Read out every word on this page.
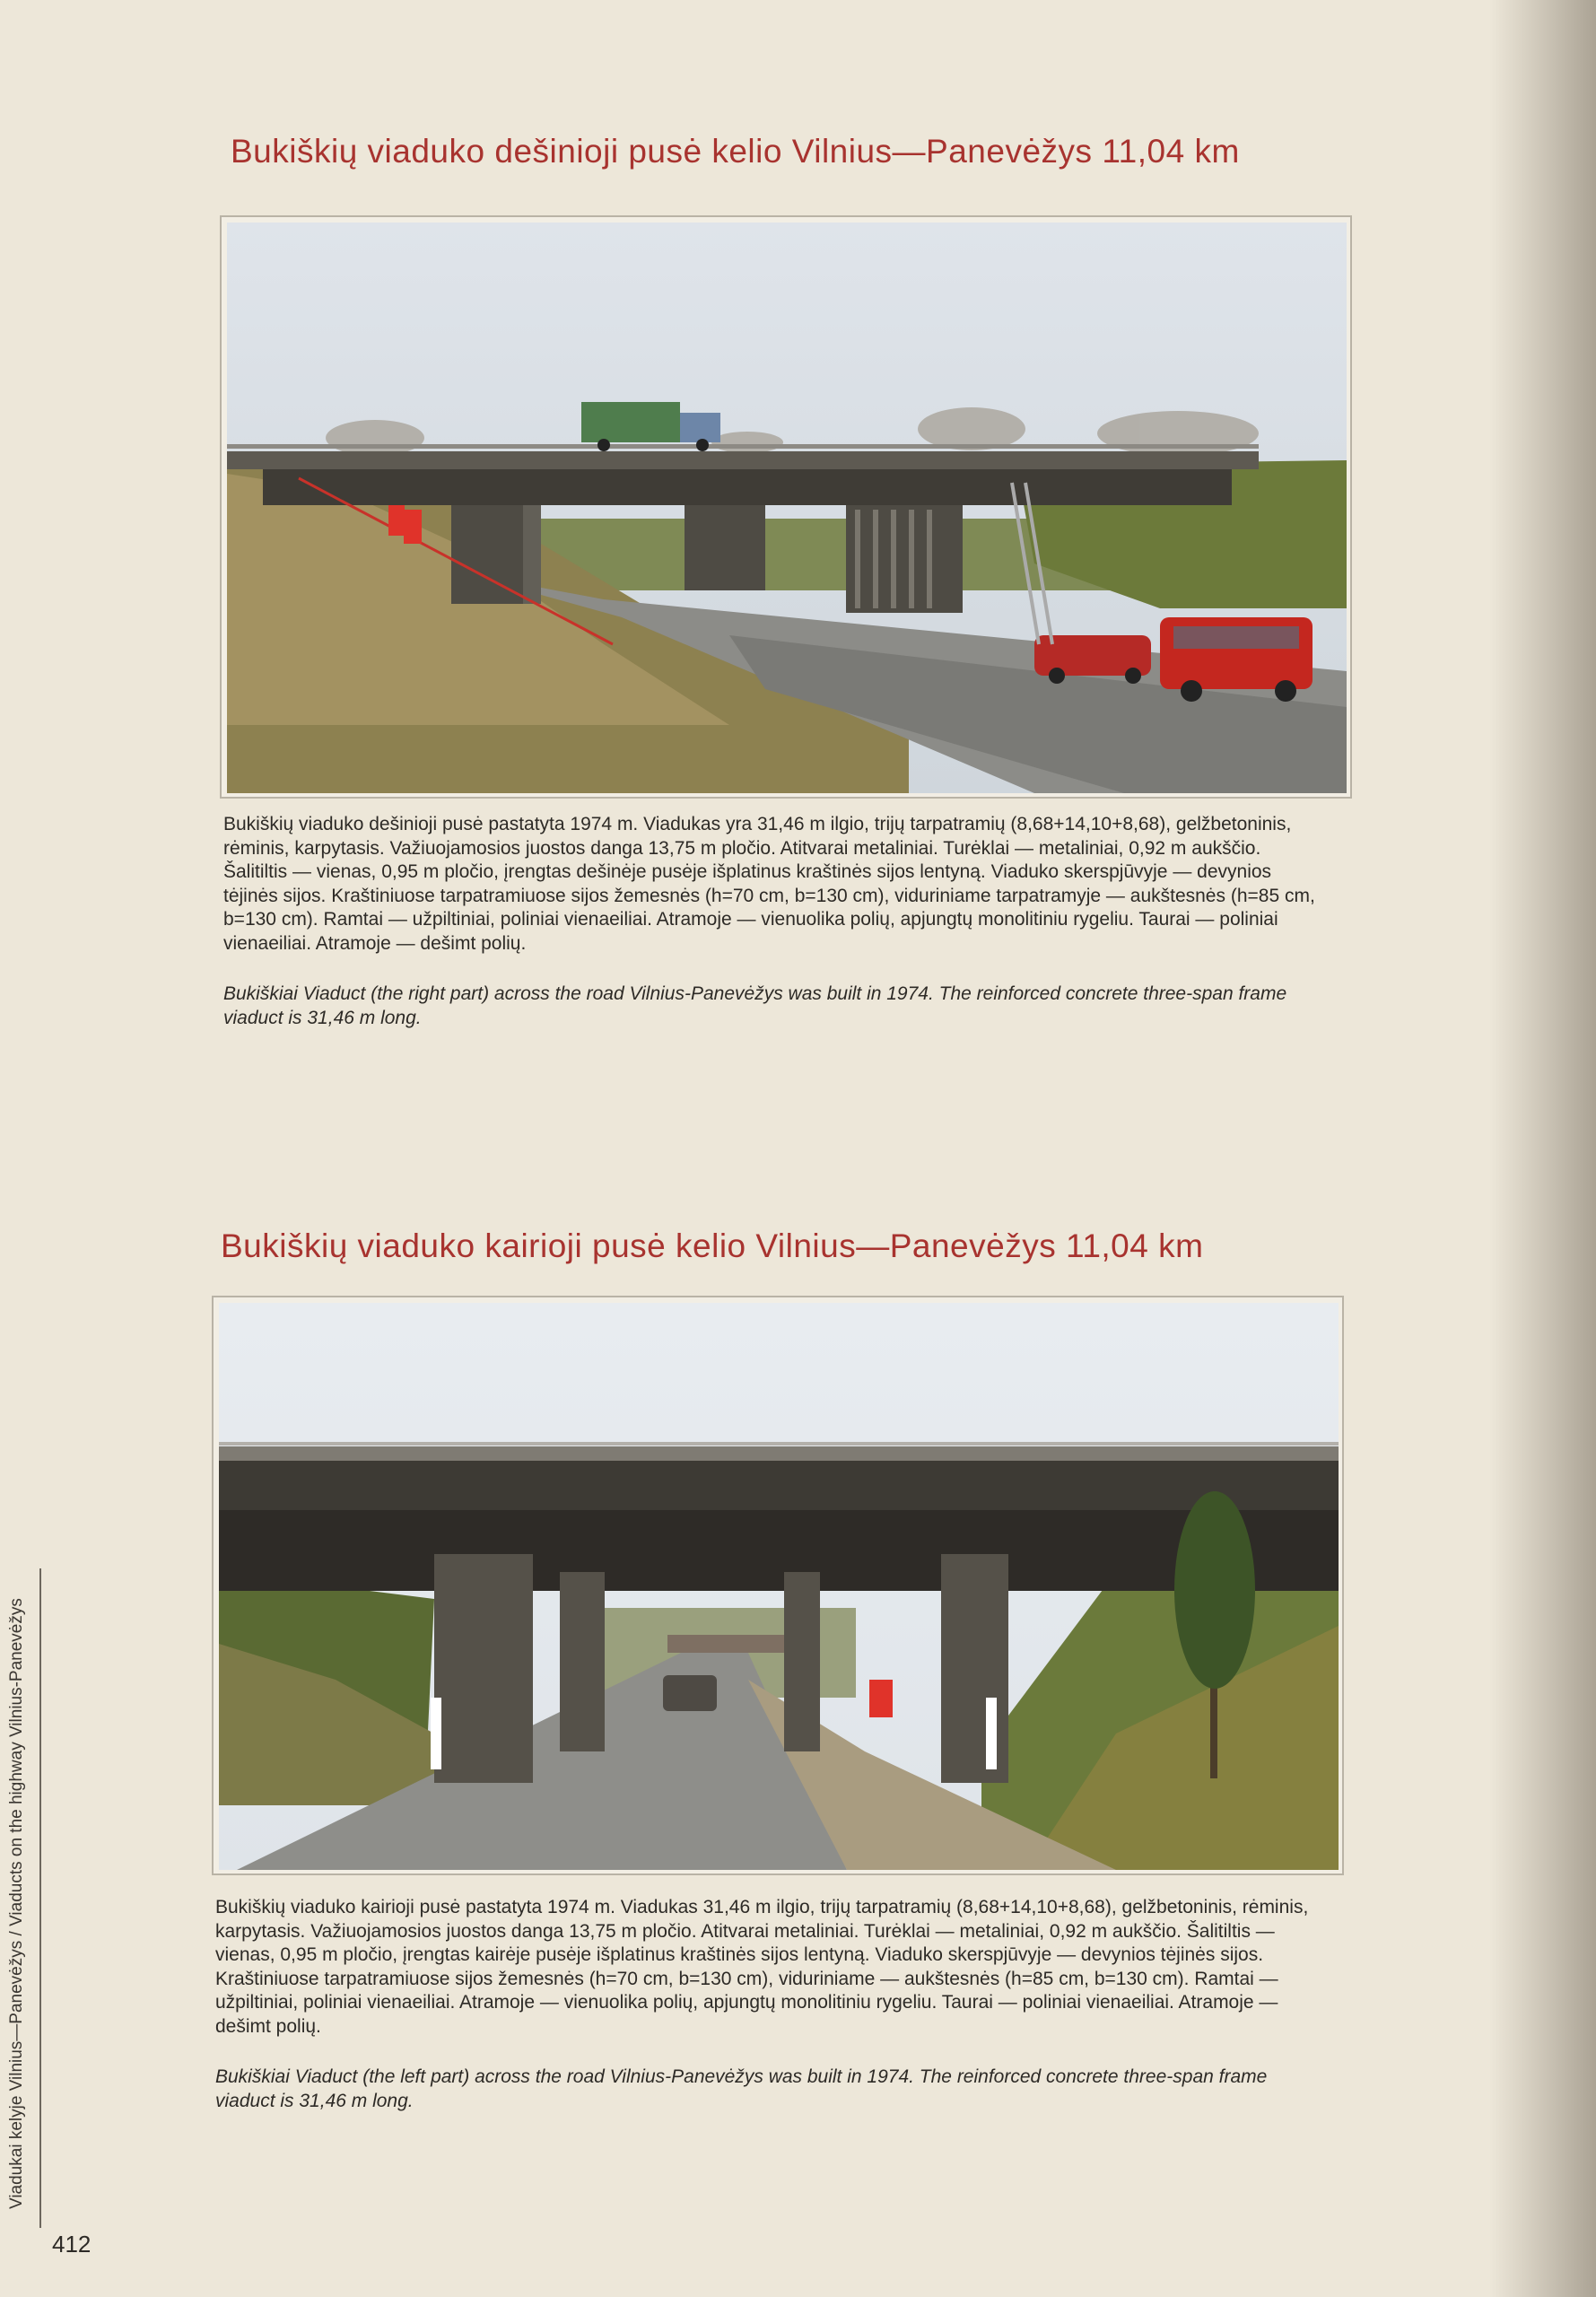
Bukiškių viaduko dešinioji pusė kelio Vilnius—Panevėžys 11,04 km

Bukiškių viaduko dešinioji pusė pastatyta 1974 m. Viadukas yra 31,46 m ilgio, trijų tarpatramių (8,68+14,10+8,68), gelžbetoninis, rėminis, karpytasis. Važiuojamosios juostos danga 13,75 m pločio. Atitvarai metaliniai. Turėklai — metaliniai, 0,92 m aukščio. Šalitiltis — vienas, 0,95 m pločio, įrengtas dešinėje pusėje išplatinus kraštinės sijos lentyną. Viaduko skerspjūvyje — devynios tėjinės sijos. Kraštiniuose tarpatramiuose sijos žemesnės (h=70 cm, b=130 cm), viduriniame tarpatramyje — aukštesnės (h=85 cm, b=130 cm). Ramtai — užpiltiniai, poliniai vienaeiliai. Atramoje — vienuolika polių, apjungtų monolitiniu rygeliu. Taurai — poliniai vienaeiliai. Atramoje — dešimt polių.

Bukiškiai Viaduct (the right part) across the road Vilnius-Panevėžys was built in 1974. The reinforced concrete three-span frame viaduct is 31,46 m long.

Bukiškių viaduko kairioji pusė kelio Vilnius—Panevėžys 11,04 km

Bukiškių viaduko kairioji pusė pastatyta 1974 m. Viadukas 31,46 m ilgio, trijų tarpatramių (8,68+14,10+8,68), gelžbetoninis, rėminis, karpytasis. Važiuojamosios juostos danga 13,75 m pločio. Atitvarai metaliniai. Turėklai — metaliniai, 0,92 m aukščio. Šalitiltis — vienas, 0,95 m pločio, įrengtas kairėje pusėje išplatinus kraštinės sijos lentyną. Viaduko skerspjūvyje — devynios tėjinės sijos. Kraštiniuose tarpatramiuose sijos žemesnės (h=70 cm, b=130 cm), viduriniame — aukštesnės (h=85 cm, b=130 cm). Ramtai — užpiltiniai, poliniai vienaeiliai. Atramoje — vienuolika polių, apjungtų monolitiniu rygeliu. Taurai — poliniai vienaeiliai. Atramoje — dešimt polių.

Bukiškiai Viaduct (the left part) across the road Vilnius-Panevėžys was built in 1974. The reinforced concrete three-span frame viaduct is 31,46 m long.

Viadukai kelyje Vilnius—Panevėžys / Viaducts on the highway Vilnius-Panevėžys
412
